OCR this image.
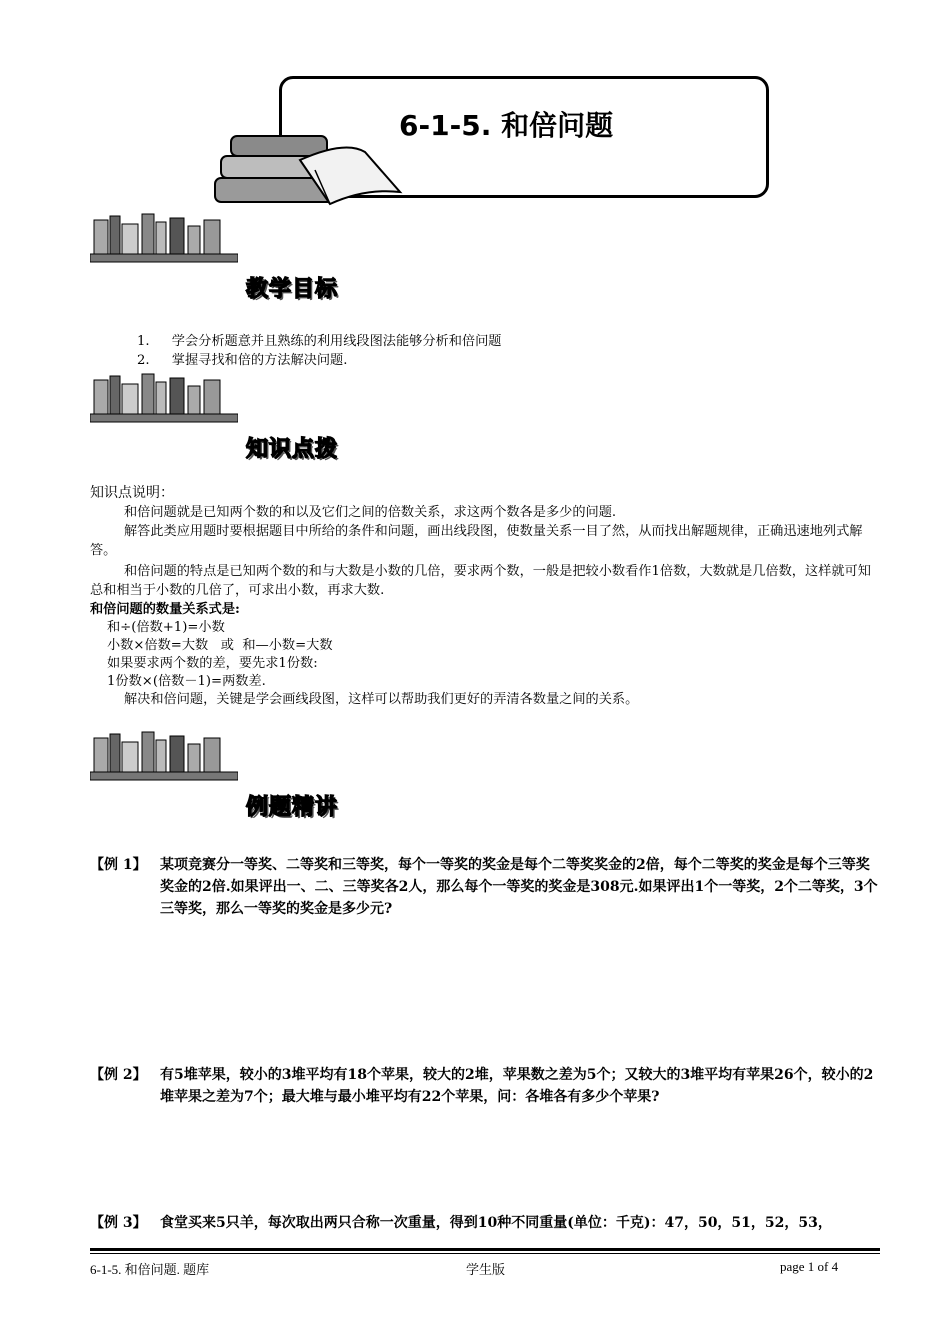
6-1-5. 和倍问题
教学目标
1. 学会分析题意并且熟练的利用线段图法能够分析和倍问题
2. 掌握寻找和倍的方法解决问题.
知识点拨
知识点说明：
和倍问题就是已知两个数的和以及它们之间的倍数关系，求这两个数各是多少的问题.
解答此类应用题时要根据题目中所给的条件和问题，画出线段图，使数量关系一目了然，从而找出解题规律，正确迅速地列式解答。
和倍问题的特点是已知两个数的和与大数是小数的几倍，要求两个数，一般是把较小数看作1倍数，大数就是几倍数，这样就可知总和相当于小数的几倍了，可求出小数，再求大数.
和倍问题的数量关系式是:
和÷(倍数+1)=小数
小数×倍数=大数   或  和—小数=大数
如果要求两个数的差，要先求1份数:
1份数×(倍数－1)=两数差.
解决和倍问题，关键是学会画线段图，这样可以帮助我们更好的弄清各数量之间的关系。
例题精讲
【例 1】 某项竞赛分一等奖、二等奖和三等奖，每个一等奖的奖金是每个二等奖奖金的2倍，每个二等奖的奖金是每个三等奖奖金的2倍.如果评出一、二、三等奖各2人，那么每个一等奖的奖金是308元.如果评出1个一等奖，2个二等奖，3个三等奖，那么一等奖的奖金是多少元?
【例 2】 有5堆苹果，较小的3堆平均有18个苹果，较大的2堆，苹果数之差为5个；又较大的3堆平均有苹果26个，较小的2堆苹果之差为7个；最大堆与最小堆平均有22个苹果，问：各堆各有多少个苹果?
【例 3】 食堂买来5只羊，每次取出两只合称一次重量，得到10种不同重量(单位：千克)：47，50，51，52，53，
6-1-5. 和倍问题. 题库	学生版	page 1 of 4
